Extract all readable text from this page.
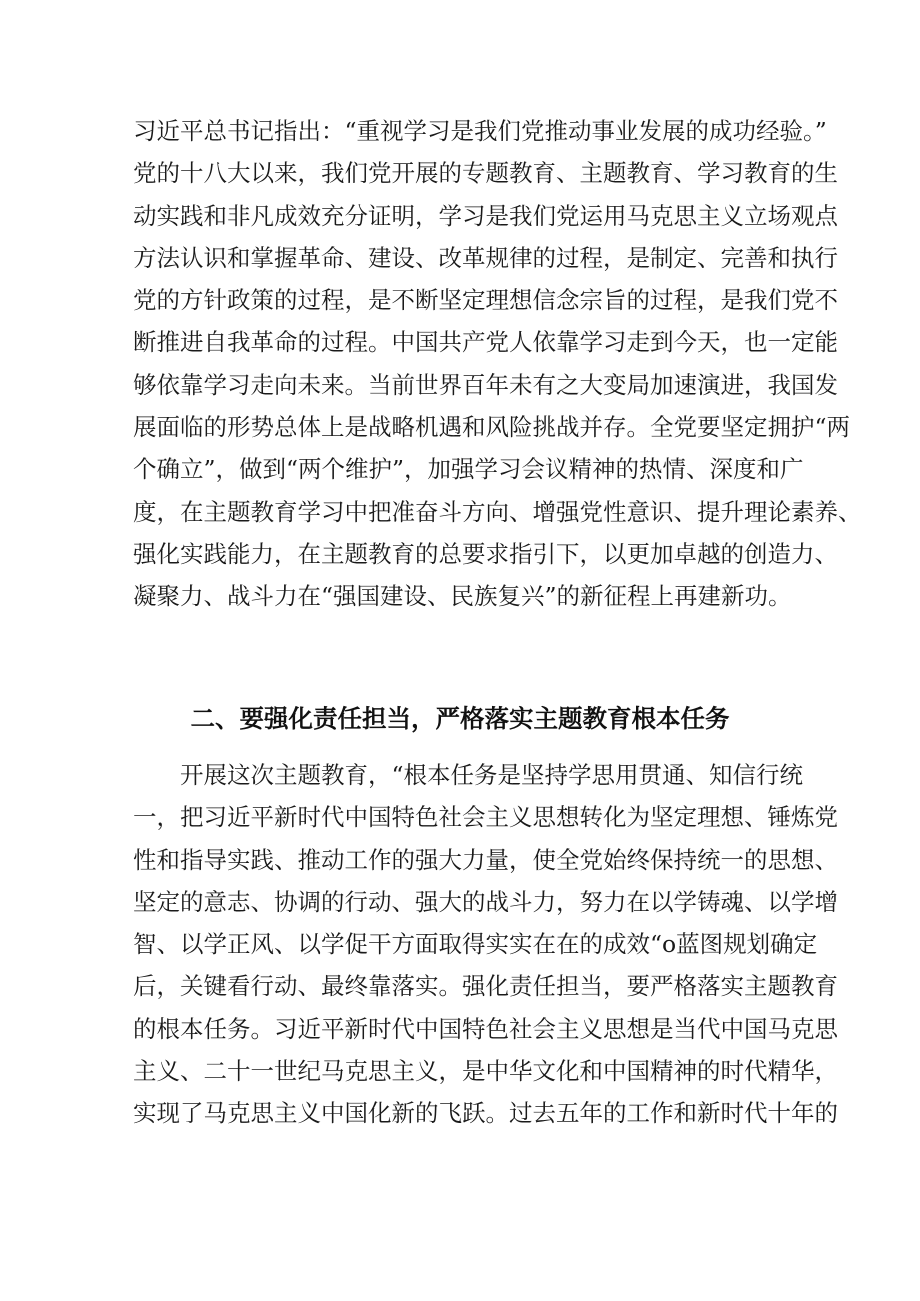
习近平总书记指出：“重视学习是我们党推动事业发展的成功经验。”
党的十八大以来，我们党开展的专题教育、主题教育、学习教育的生
动实践和非凡成效充分证明，学习是我们党运用马克思主义立场观点
方法认识和掌握革命、建设、改革规律的过程，是制定、完善和执行
党的方针政策的过程，是不断坚定理想信念宗旨的过程，是我们党不
断推进自我革命的过程。中国共产党人依靠学习走到今天，也一定能
够依靠学习走向未来。当前世界百年未有之大变局加速演进，我国发
展面临的形势总体上是战略机遇和风险挑战并存。全党要坚定拥护“两
个确立”，做到“两个维护”，加强学习会议精神的热情、深度和广
度，在主题教育学习中把准奋斗方向、增强党性意识、提升理论素养、
强化实践能力，在主题教育的总要求指引下，以更加卓越的创造力、
凝聚力、战斗力在“强国建设、民族复兴”的新征程上再建新功。
二、要强化责任担当，严格落实主题教育根本任务
开展这次主题教育，“根本任务是坚持学思用贯通、知信行统
一，把习近平新时代中国特色社会主义思想转化为坚定理想、锤炼党
性和指导实践、推动工作的强大力量，使全党始终保持统一的思想、
坚定的意志、协调的行动、强大的战斗力，努力在以学铸魂、以学增
智、以学正风、以学促干方面取得实实在在的成效“o蓝图规划确定
后，关键看行动、最终靠落实。强化责任担当，要严格落实主题教育
的根本任务。习近平新时代中国特色社会主义思想是当代中国马克思
主义、二十一世纪马克思主义，是中华文化和中国精神的时代精华，
实现了马克思主义中国化新的飞跃。过去五年的工作和新时代十年的
